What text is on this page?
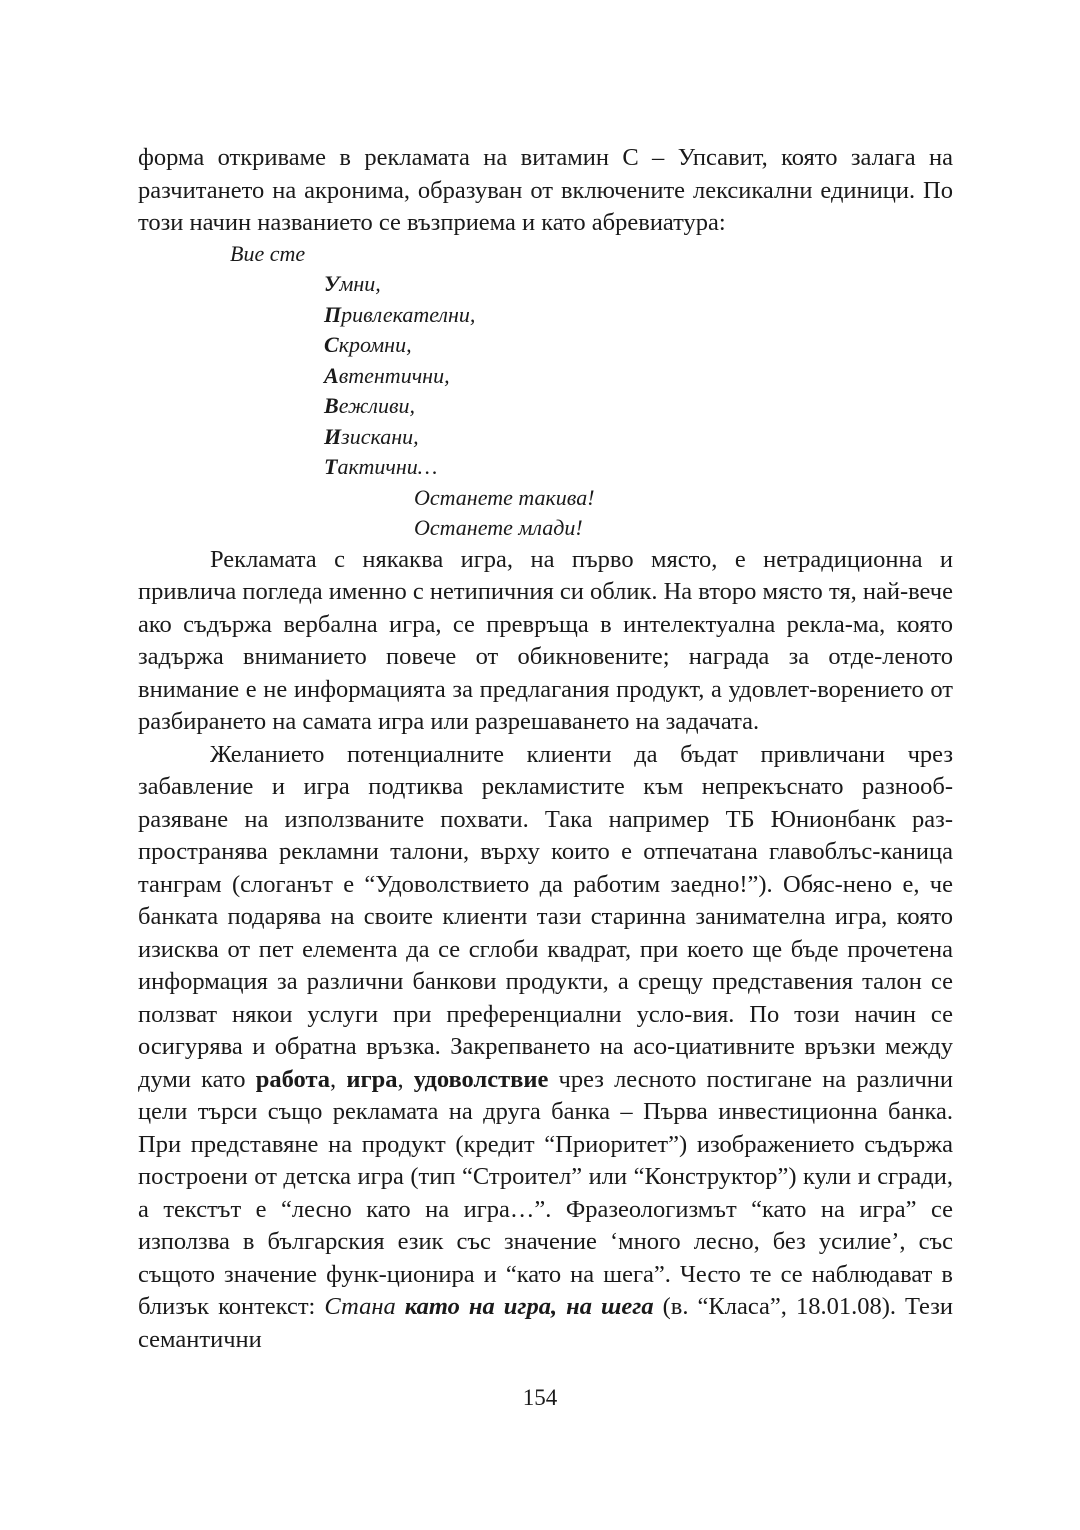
форма откриваме в рекламата на витамин С – Упсавит, която залага на разчитането на акронима, образуван от включените лексикални единици. По този начин названието се възприема и като абревиатура:

Вие сте
Умни,
Привлекателни,
Скромни,
Автентични,
Вежливи,
Изискани,
Тактични…
Останете такива!
Останете млади!

Рекламата с някаква игра, на първо място, е нетрадиционна и привлича погледа именно с нетипичния си облик. На второ място тя, най-вече ако съдържа вербална игра, се превръща в интелектуална рекла-ма, която задържа вниманието повече от обикновените; награда за отде-леното внимание е не информацията за предлагания продукт, а удовлет-ворението от разбирането на самата игра или разрешаването на задачата.

Желанието потенциалните клиенти да бъдат привличани чрез забавление и игра подтиква рекламистите към непрекъснато разнооб-разяване на използваните похвати. Така например ТБ Юнионбанк раз-пространява рекламни талони, върху които е отпечатана главоблъс-каница танграм (слоганът е “Удоволствието да работим заедно!”). Обяс-нено е, че банката подарява на своите клиенти тази старинна занимателна игра, която изисква от пет елемента да се сглоби квадрат, при което ще бъде прочетена информация за различни банкови продукти, а срещу представения талон се ползват някои услуги при преференциални усло-вия. По този начин се осигурява и обратна връзка. Закрепването на асо-циативните връзки между думи като работа, игра, удоволствие чрез лесното постигане на различни цели търси също рекламата на друга банка – Първа инвестиционна банка. При представяне на продукт (кредит “Приоритет”) изображението съдържа построени от детска игра (тип “Строител” или “Конструктор”) кули и сгради, а текстът е “лесно като на игра…”. Фразеологизмът “като на игра” се използва в българския език със значение ‘много лесно, без усилие’, със същото значение функ-ционира и “като на шега”. Често те се наблюдават в близък контекст: Стана като на игра, на шега (в. “Класа”, 18.01.08). Тези семантични

154
